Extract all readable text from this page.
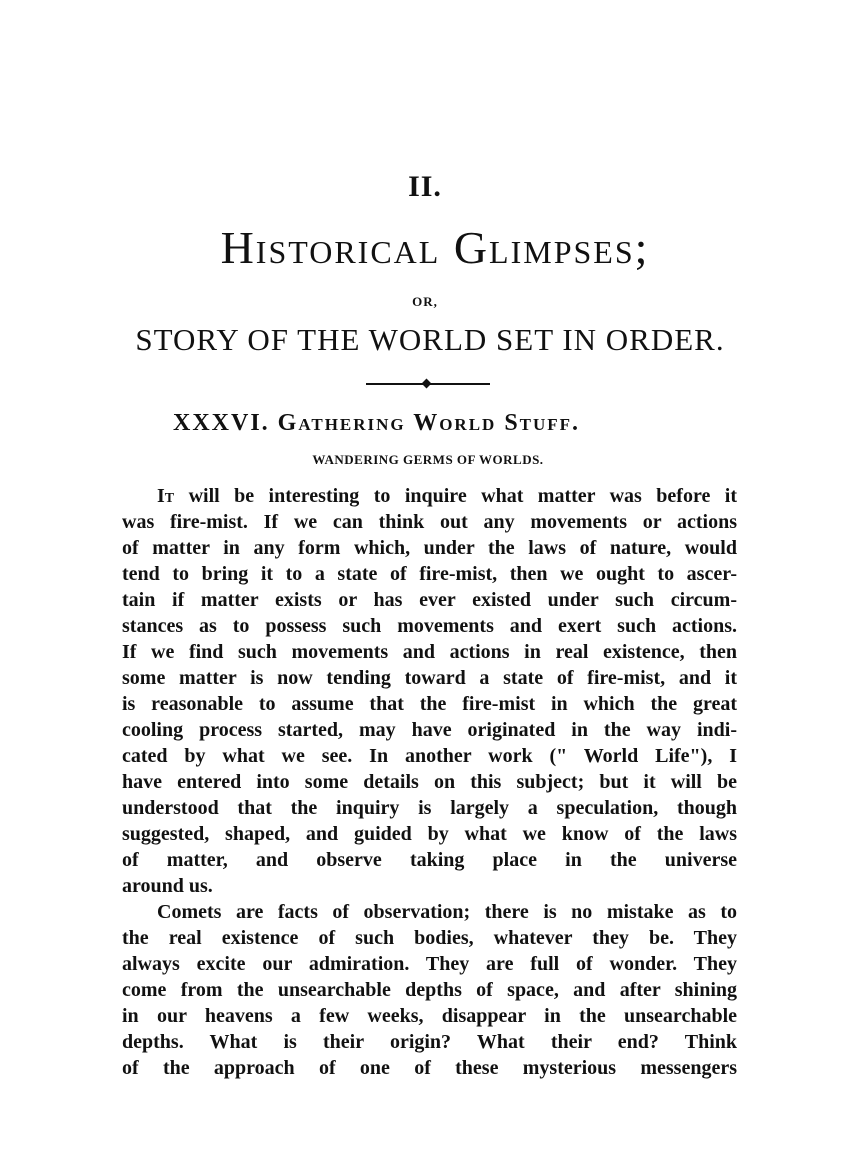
II.
Historical Glimpses;
OR,
STORY OF THE WORLD SET IN ORDER.
XXXVI. Gathering World Stuff.
WANDERING GERMS OF WORLDS.
It will be interesting to inquire what matter was before it
was fire-mist. If we can think out any movements or actions
of matter in any form which, under the laws of nature, would
tend to bring it to a state of fire-mist, then we ought to ascer-
tain if matter exists or has ever existed under such circum-
stances as to possess such movements and exert such actions.
If we find such movements and actions in real existence, then
some matter is now tending toward a state of fire-mist, and it
is reasonable to assume that the fire-mist in which the great
cooling process started, may have originated in the way indi-
cated by what we see. In another work (" World Life"), I
have entered into some details on this subject; but it will be
understood that the inquiry is largely a speculation, though
suggested, shaped, and guided by what we know of the laws
of matter, and observe taking place in the universe
around us.
Comets are facts of observation; there is no mistake as to
the real existence of such bodies, whatever they be. They
always excite our admiration. They are full of wonder. They
come from the unsearchable depths of space, and after shining
in our heavens a few weeks, disappear in the unsearchable
depths. What is their origin? What their end? Think
of the approach of one of these mysterious messengers
